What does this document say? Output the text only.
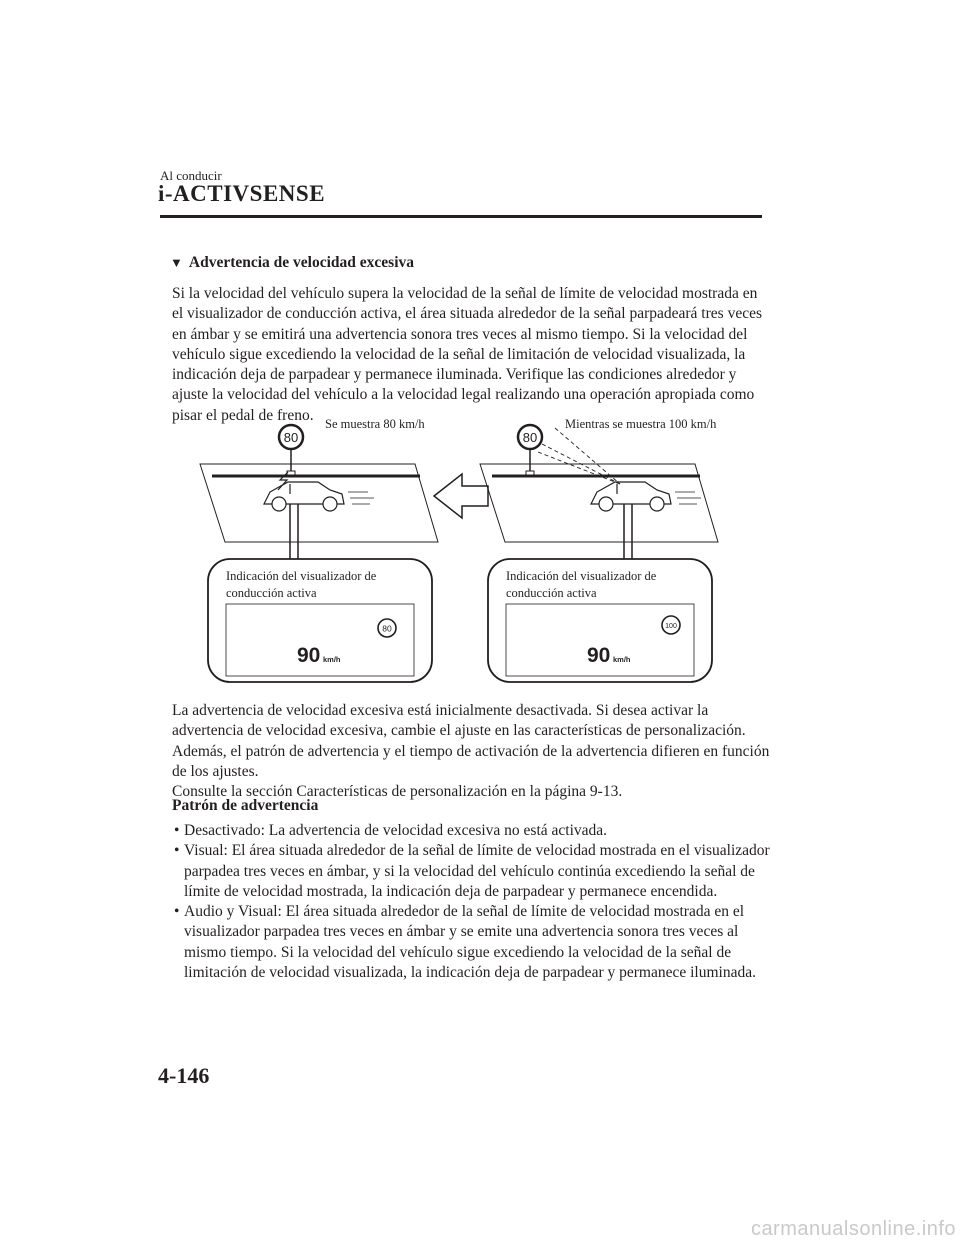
Al conducir
i-ACTIVSENSE
▼ Advertencia de velocidad excesiva
Si la velocidad del vehículo supera la velocidad de la señal de límite de velocidad mostrada en el visualizador de conducción activa, el área situada alrededor de la señal parpadeará tres veces en ámbar y se emitirá una advertencia sonora tres veces al mismo tiempo. Si la velocidad del vehículo sigue excediendo la velocidad de la señal de limitación de velocidad visualizada, la indicación deja de parpadear y permanece iluminada. Verifique las condiciones alrededor y ajuste la velocidad del vehículo a la velocidad legal realizando una operación apropiada como pisar el pedal de freno.
80
Se muestra 80 km/h
Indicación del visualizador de
conducción activa
90 km/h
80
80
Mientras se muestra 100 km/h
Indicación del visualizador de
conducción activa
90 km/h
100
La advertencia de velocidad excesiva está inicialmente desactivada. Si desea activar la advertencia de velocidad excesiva, cambie el ajuste en las características de personalización. Además, el patrón de advertencia y el tiempo de activación de la advertencia difieren en función de los ajustes.
Consulte la sección Características de personalización en la página 9-13.
Patrón de advertencia
• Desactivado: La advertencia de velocidad excesiva no está activada.
• Visual: El área situada alrededor de la señal de límite de velocidad mostrada en el visualizador parpadea tres veces en ámbar, y si la velocidad del vehículo continúa excediendo la señal de límite de velocidad mostrada, la indicación deja de parpadear y permanece encendida.
• Audio y Visual: El área situada alrededor de la señal de límite de velocidad mostrada en el visualizador parpadea tres veces en ámbar y se emite una advertencia sonora tres veces al mismo tiempo. Si la velocidad del vehículo sigue excediendo la velocidad de la señal de limitación de velocidad visualizada, la indicación deja de parpadear y permanece iluminada.
4-146
carmanualsonline.info
